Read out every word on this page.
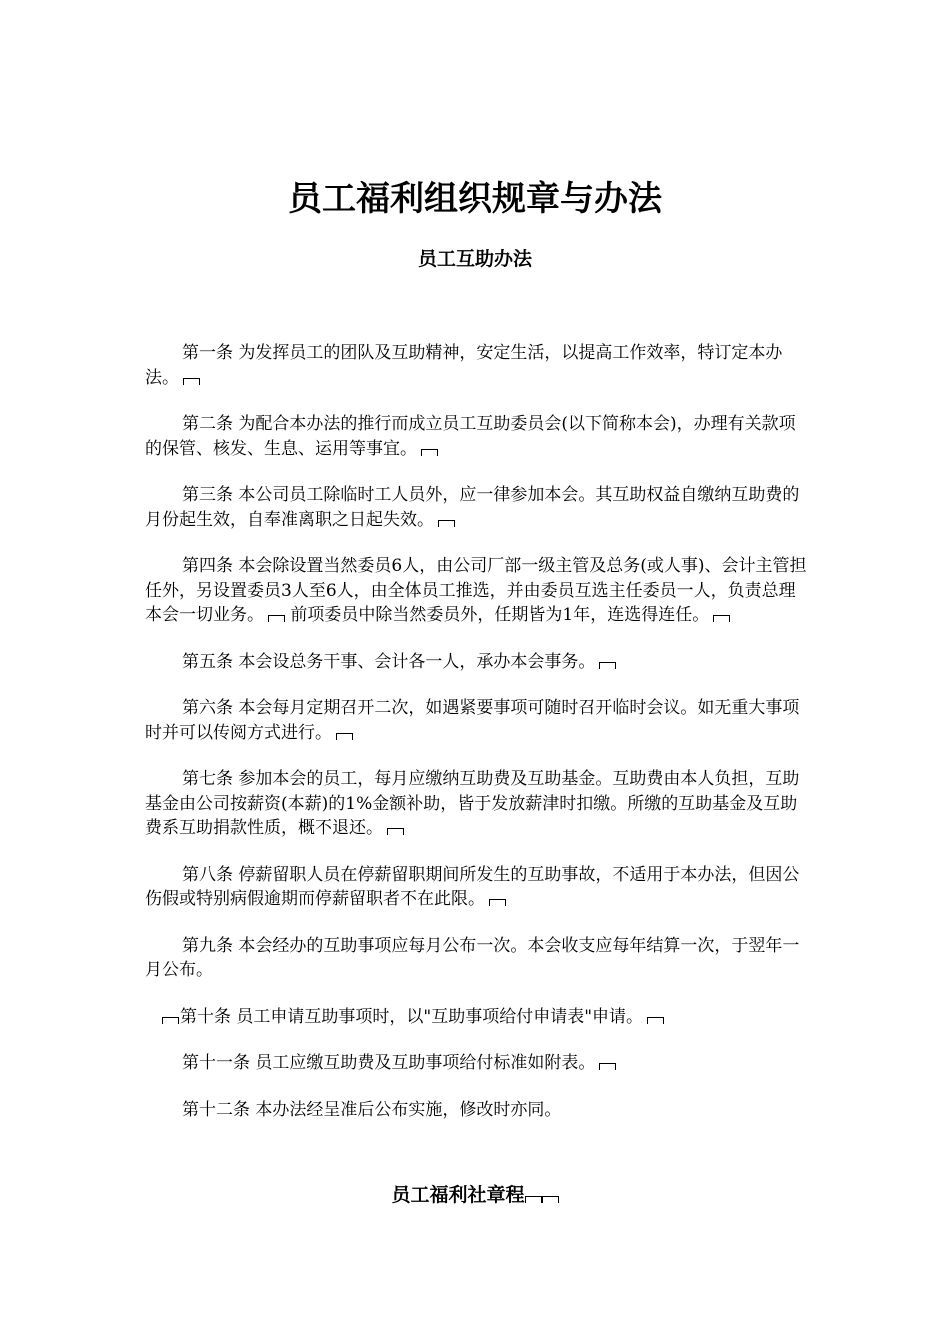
员工福利组织规章与办法
员工互助办法

第一条 为发挥员工的团队及互助精神，安定生活，以提高工作效率，特订定本办法。

第二条 为配合本办法的推行而成立员工互助委员会(以下简称本会)，办理有关款项的保管、核发、生息、运用等事宜。

第三条 本公司员工除临时工人员外，应一律参加本会。其互助权益自缴纳互助费的月份起生效，自奉准离职之日起失效。

第四条 本会除设置当然委员6人，由公司厂部一级主管及总务(或人事)、会计主管担任外，另设置委员3人至6人，由全体员工推选，并由委员互选主任委员一人，负责总理本会一切业务。 前项委员中除当然委员外，任期皆为1年，连选得连任。

第五条 本会设总务干事、会计各一人，承办本会事务。

第六条 本会每月定期召开二次，如遇紧要事项可随时召开临时会议。如无重大事项时并可以传阅方式进行。

第七条 参加本会的员工，每月应缴纳互助费及互助基金。互助费由本人负担，互助基金由公司按薪资(本薪)的1%金额补助，皆于发放薪津时扣缴。所缴的互助基金及互助费系互助捐款性质，概不退还。

第八条 停薪留职人员在停薪留职期间所发生的互助事故，不适用于本办法，但因公伤假或特别病假逾期而停薪留职者不在此限。

第九条 本会经办的互助事项应每月公布一次。本会收支应每年结算一次，于翌年一月公布。

第十条 员工申请互助事项时，以"互助事项给付申请表"申请。

第十一条 员工应缴互助费及互助事项给付标准如附表。

第十二条 本办法经呈准后公布实施，修改时亦同。

员工福利社章程
